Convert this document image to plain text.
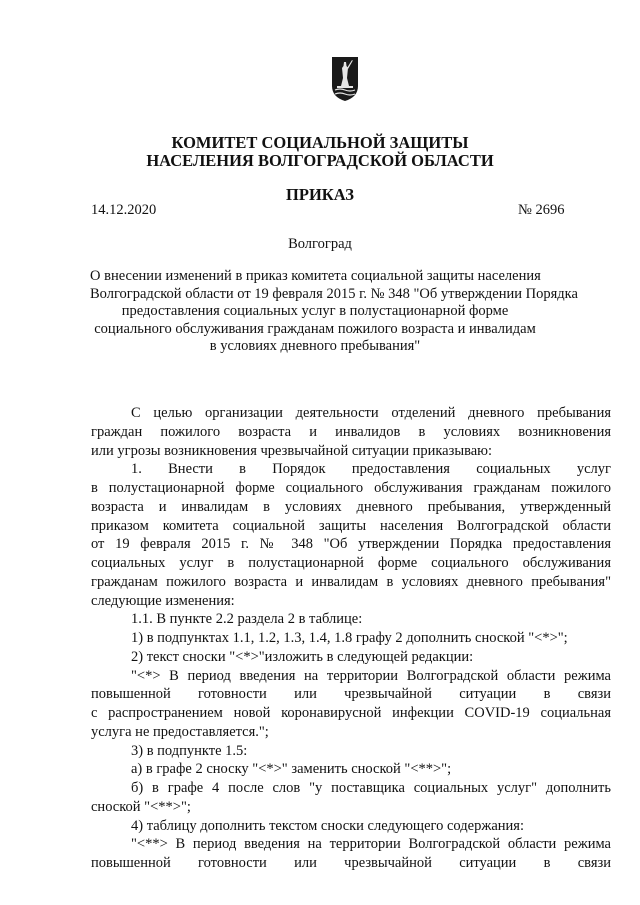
КОМИТЕТ СОЦИАЛЬНОЙ ЗАЩИТЫ
НАСЕЛЕНИЯ ВОЛГОГРАДСКОЙ ОБЛАСТИ
ПРИКАЗ
14.12.2020	№ 2696
Волгоград
О внесении изменений в приказ комитета социальной защиты населения
Волгоградской области от 19 февраля 2015 г. № 348 "Об утверждении Порядка
предоставления социальных услуг в полустационарной форме
социального обслуживания гражданам пожилого возраста и инвалидам
в условиях дневного пребывания"
С целью организации деятельности отделений дневного пребывания
граждан пожилого возраста и инвалидов в условиях возникновения
или угрозы возникновения чрезвычайной ситуации приказываю:
1. Внести в Порядок предоставления социальных услуг
в полустационарной форме социального обслуживания гражданам пожилого
возраста и инвалидам в условиях дневного пребывания, утвержденный
приказом комитета социальной защиты населения Волгоградской области
от 19 февраля 2015 г. № 348 "Об утверждении Порядка предоставления
социальных услуг в полустационарной форме социального обслуживания
гражданам пожилого возраста и инвалидам в условиях дневного пребывания"
следующие изменения:
1.1. В пункте 2.2 раздела 2 в таблице:
1) в подпунктах 1.1, 1.2, 1.3, 1.4, 1.8 графу 2 дополнить сноской "<*>";
2) текст сноски "<*>"изложить в следующей редакции:
"<*> В период введения на территории Волгоградской области режима
повышенной готовности или чрезвычайной ситуации в связи
с распространением новой коронавирусной инфекции COVID-19 социальная
услуга не предоставляется.";
3) в подпункте 1.5:
а) в графе 2 сноску "<*>" заменить сноской "<**>";
б) в графе 4 после слов "у поставщика социальных услуг" дополнить
сноской "<**>";
4) таблицу дополнить текстом сноски следующего содержания:
"<**> В период введения на территории Волгоградской области режима
повышенной готовности или чрезвычайной ситуации в связи
